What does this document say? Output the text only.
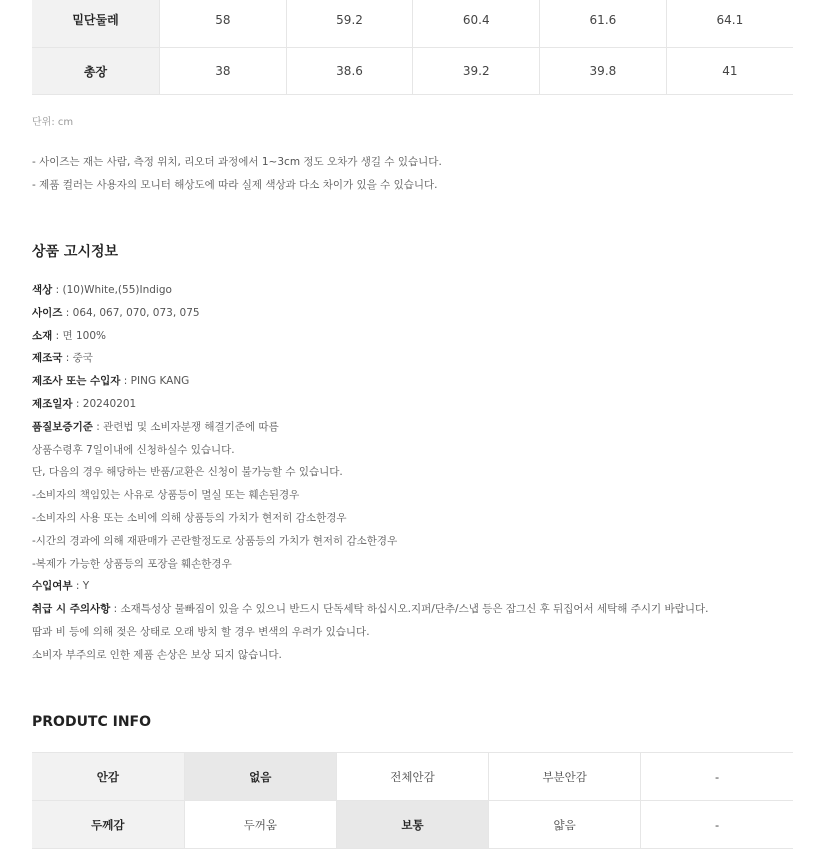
밑단둘레	58	59.2	60.4	61.6	64.1
총장	38	38.6	39.2	39.8	41
단위: cm
- 사이즈는 재는 사람, 측정 위치, 리오더 과정에서 1~3cm 정도 오차가 생길 수 있습니다.
- 제품 컬러는 사용자의 모니터 해상도에 따라 실제 색상과 다소 차이가 있을 수 있습니다.
상품 고시정보
색상 : (10)White,(55)Indigo
사이즈 : 064, 067, 070, 073, 075
소재 : 면 100%
제조국 : 중국
제조사 또는 수입자 : PING KANG
제조일자 : 20240201
품질보증기준 : 관련법 및 소비자분쟁 해결기준에 따름
상품수령후 7일이내에 신청하실수 있습니다.
단, 다음의 경우 해당하는 반품/교환은 신청이 불가능할 수 있습니다.
-소비자의 책임있는 사유로 상품등이 멸실 또는 훼손된경우
-소비자의 사용 또는 소비에 의해 상품등의 가치가 현저히 감소한경우
-시간의 경과에 의해 재판매가 곤란할정도로 상품등의 가치가 현저히 감소한경우
-복제가 가능한 상품등의 포장을 훼손한경우
수입여부 : Y
취급 시 주의사항 : 소재특성상 물빠짐이 있을 수 있으니 반드시 단독세탁 하십시오.지퍼/단추/스냅 등은 잠그신 후 뒤집어서 세탁해 주시기 바랍니다.
땀과 비 등에 의해 젖은 상태로 오래 방치 할 경우 변색의 우려가 있습니다.
소비자 부주의로 인한 제품 손상은 보상 되지 않습니다.
PRODUTC INFO
안감	없음	전체안감	부분안감	-
두께감	두꺼움	보통	얇음	-
